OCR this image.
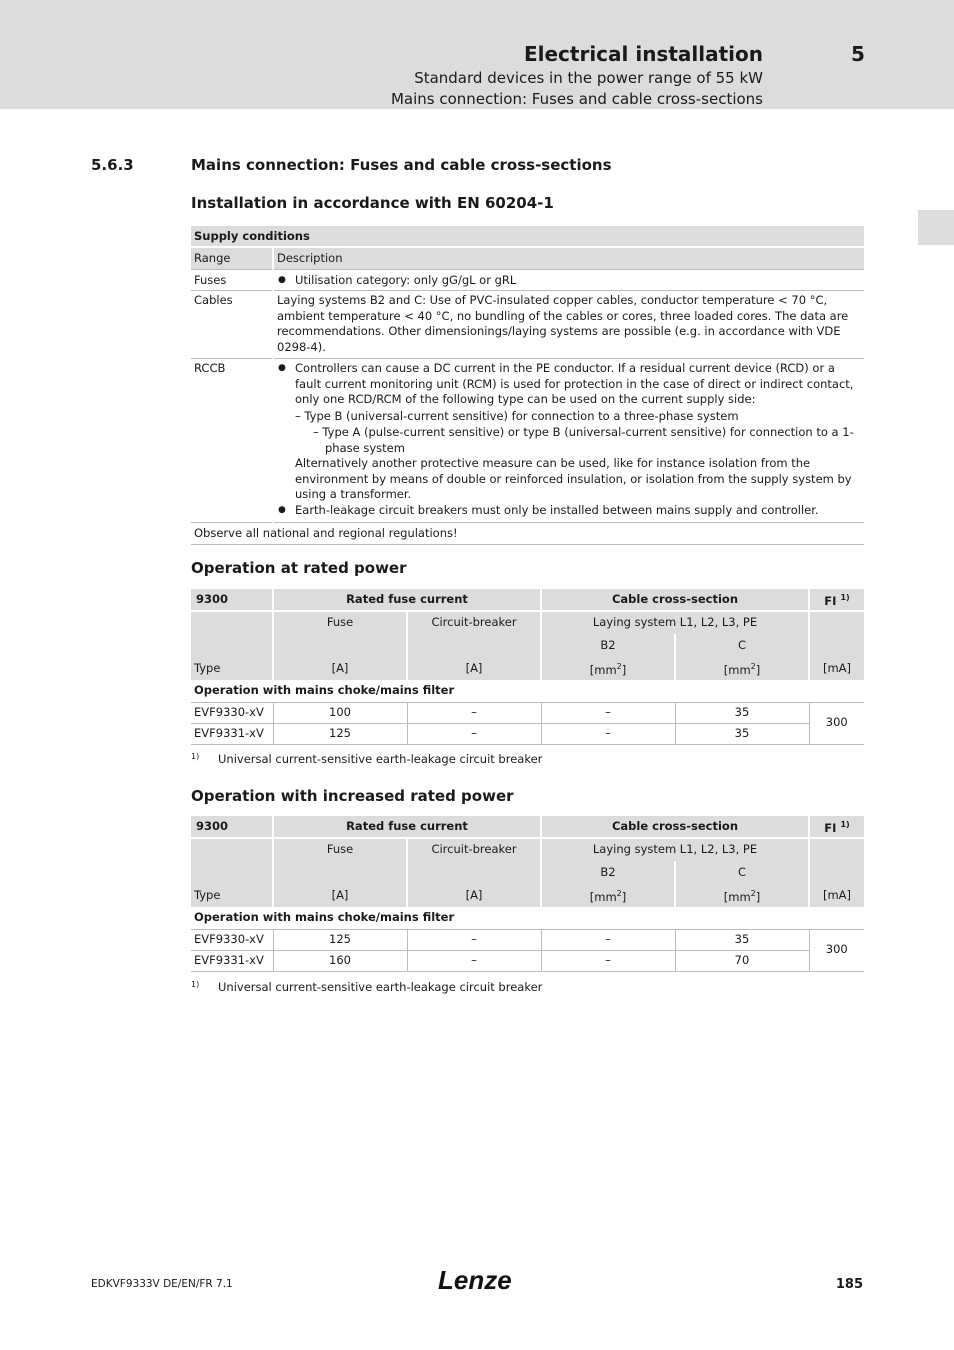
Electrical installation	5
Standard devices in the power range of 55 kW
Mains connection: Fuses and cable cross-sections
5.6.3	Mains connection: Fuses and cable cross-sections
Installation in accordance with EN 60204-1
Supply conditions	
Range	Description
Fuses	● Utilisation category: only gG/gL or gRL

Cables	Laying systems B2 and C: Use of PVC-insulated copper cables, conductor temperature < 70 °C, ambient temperature < 40 °C, no bundling of the cables or cores, three loaded cores. The data are recommendations. Other dimensionings/laying systems are possible (e.g. in accordance with VDE 0298-4).
RCCB	● Controllers can cause a DC current in the PE conductor. If a residual current device (RCD) or a fault current monitoring unit (RCM) is used for protection in the case of direct or indirect contact, only one RCD/RCM of the following type can be used on the current supply side:
– Type B (universal-current sensitive) for connection to a three-phase system
– Type A (pulse-current sensitive) or type B (universal-current sensitive) for connection to a 1-phase system
Alternatively another protective measure can be used, like for instance isolation from the environment by means of double or reinforced insulation, or isolation from the supply system by using a transformer.
● Earth-leakage circuit breakers must only be installed between mains supply and controller.

Observe all national and regional regulations!	
Operation at rated power
9300	Rated fuse current		Cable cross-section		FI $^{1)}$
	Fuse	Circuit-breaker	Laying system L1, L2, L3, PE		
			B2	C	
Type	[A]	[A]	$[mm^2]$	$[mm^2]$	[mA]
Operation with mains choke/mains filter					
EVF9330-xV	100	–	–	35	300
EVF9331-xV	125	–	–	35	
$^{1)}$ Universal current-sensitive earth-leakage circuit breaker
Operation with increased rated power
9300	Rated fuse current		Cable cross-section		FI $^{1)}$
	Fuse	Circuit-breaker	Laying system L1, L2, L3, PE		
			B2	C	
Type	[A]	[A]	$[mm^2]$	$[mm^2]$	[mA]
Operation with mains choke/mains filter					
EVF9330-xV	125	–	–	35	300
EVF9331-xV	160	–	–	70	
$^{1)}$ Universal current-sensitive earth-leakage circuit breaker
EDKVF9333V DE/EN/FR 7.1	Lenze	185
